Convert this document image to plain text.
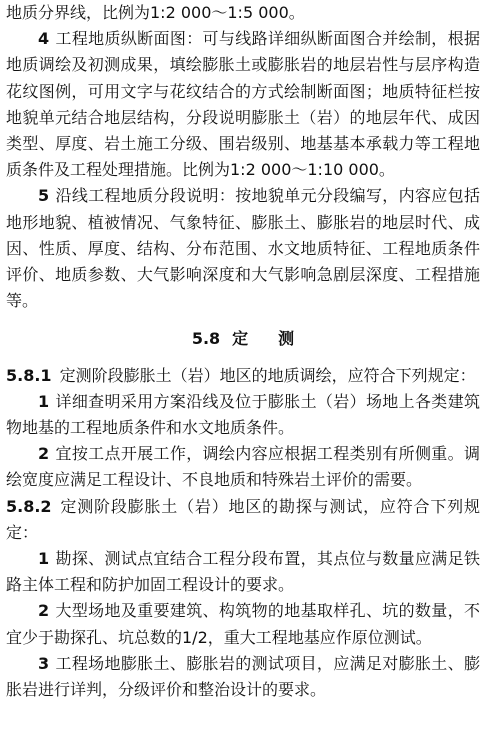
地质分界线，比例为1:2 000～1:5 000。

4 工程地质纵断面图：可与线路详细纵断面图合并绘制，根据地质调绘及初测成果，填绘膨胀土或膨胀岩的地层岩性与层序构造花纹图例，可用文字与花纹结合的方式绘制断面图；地质特征栏按地貌单元结合地层结构，分段说明膨胀土（岩）的地层年代、成因类型、厚度、岩土施工分级、围岩级别、地基基本承载力等工程地质条件及工程处理措施。比例为1:2 000～1:10 000。

5 沿线工程地质分段说明：按地貌单元分段编写，内容应包括地形地貌、植被情况、气象特征、膨胀土、膨胀岩的地层时代、成因、性质、厚度、结构、分布范围、水文地质特征、工程地质条件评价、地质参数、大气影响深度和大气影响急剧层深度、工程措施等。

5.8 定 测

5.8.1 定测阶段膨胀土（岩）地区的地质调绘，应符合下列规定：

1 详细查明采用方案沿线及位于膨胀土（岩）场地上各类建筑物地基的工程地质条件和水文地质条件。

2 宜按工点开展工作，调绘内容应根据工程类别有所侧重。调绘宽度应满足工程设计、不良地质和特殊岩土评价的需要。

5.8.2 定测阶段膨胀土（岩）地区的勘探与测试，应符合下列规定：

1 勘探、测试点宜结合工程分段布置，其点位与数量应满足铁路主体工程和防护加固工程设计的要求。

2 大型场地及重要建筑、构筑物的地基取样孔、坑的数量，不宜少于勘探孔、坑总数的1/2，重大工程地基应作原位测试。

3 工程场地膨胀土、膨胀岩的测试项目，应满足对膨胀土、膨胀岩进行详判，分级评价和整治设计的要求。
